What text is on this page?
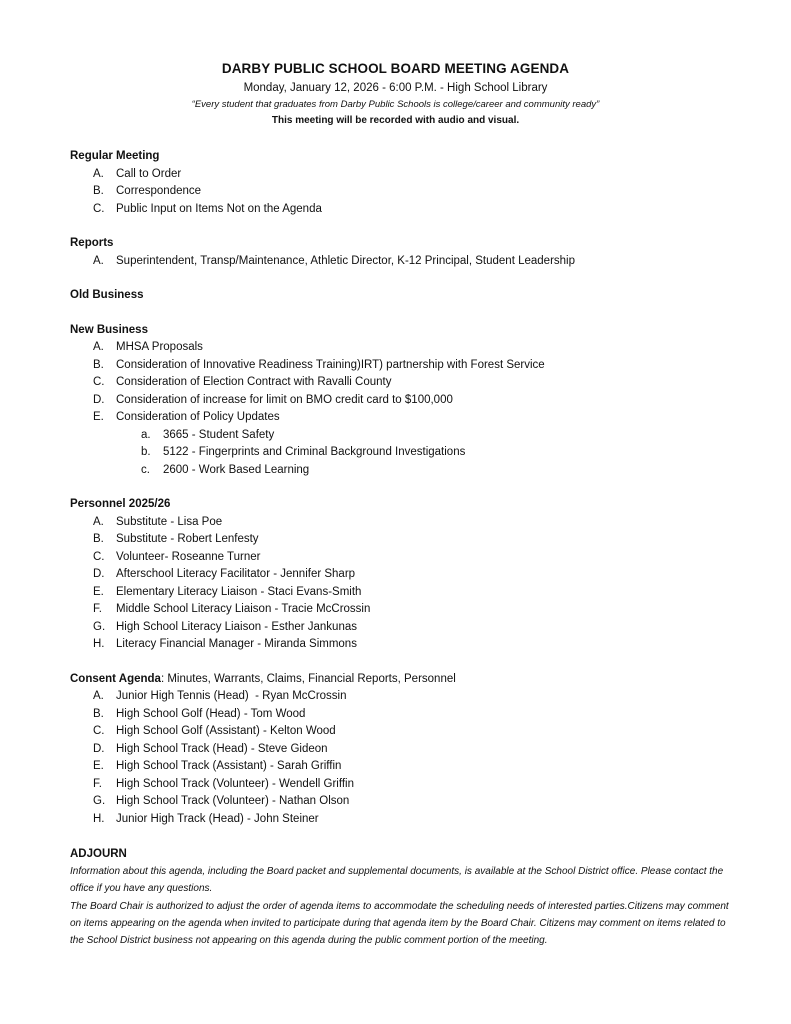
DARBY PUBLIC SCHOOL BOARD MEETING AGENDA
Monday, January 12, 2026 - 6:00 P.M. - High School Library
“Every student that graduates from Darby Public Schools is college/career and community ready”
This meeting will be recorded with audio and visual.
Regular Meeting
A. Call to Order
B. Correspondence
C. Public Input on Items Not on the Agenda
Reports
A. Superintendent, Transp/Maintenance, Athletic Director, K-12 Principal, Student Leadership
Old Business
New Business
A. MHSA Proposals
B. Consideration of Innovative Readiness Training)IRT) partnership with Forest Service
C. Consideration of Election Contract with Ravalli County
D. Consideration of increase for limit on BMO credit card to $100,000
E. Consideration of Policy Updates
a. 3665 - Student Safety
b. 5122 - Fingerprints and Criminal Background Investigations
c. 2600 - Work Based Learning
Personnel 2025/26
A. Substitute - Lisa Poe
B. Substitute - Robert Lenfesty
C. Volunteer- Roseanne Turner
D. Afterschool Literacy Facilitator - Jennifer Sharp
E. Elementary Literacy Liaison - Staci Evans-Smith
F. Middle School Literacy Liaison - Tracie McCrossin
G. High School Literacy Liaison - Esther Jankunas
H. Literacy Financial Manager - Miranda Simmons
Consent Agenda: Minutes, Warrants, Claims, Financial Reports, Personnel
A. Junior High Tennis (Head)  - Ryan McCrossin
B. High School Golf (Head) - Tom Wood
C. High School Golf (Assistant) - Kelton Wood
D. High School Track (Head) - Steve Gideon
E. High School Track (Assistant) - Sarah Griffin
F. High School Track (Volunteer) - Wendell Griffin
G. High School Track (Volunteer) - Nathan Olson
H. Junior High Track (Head) - John Steiner
ADJOURN
Information about this agenda, including the Board packet and supplemental documents, is available at the School District office. Please contact the office if you have any questions.
The Board Chair is authorized to adjust the order of agenda items to accommodate the scheduling needs of interested parties.Citizens may comment on items appearing on the agenda when invited to participate during that agenda item by the Board Chair. Citizens may comment on items related to the School District business not appearing on this agenda during the public comment portion of the meeting.
